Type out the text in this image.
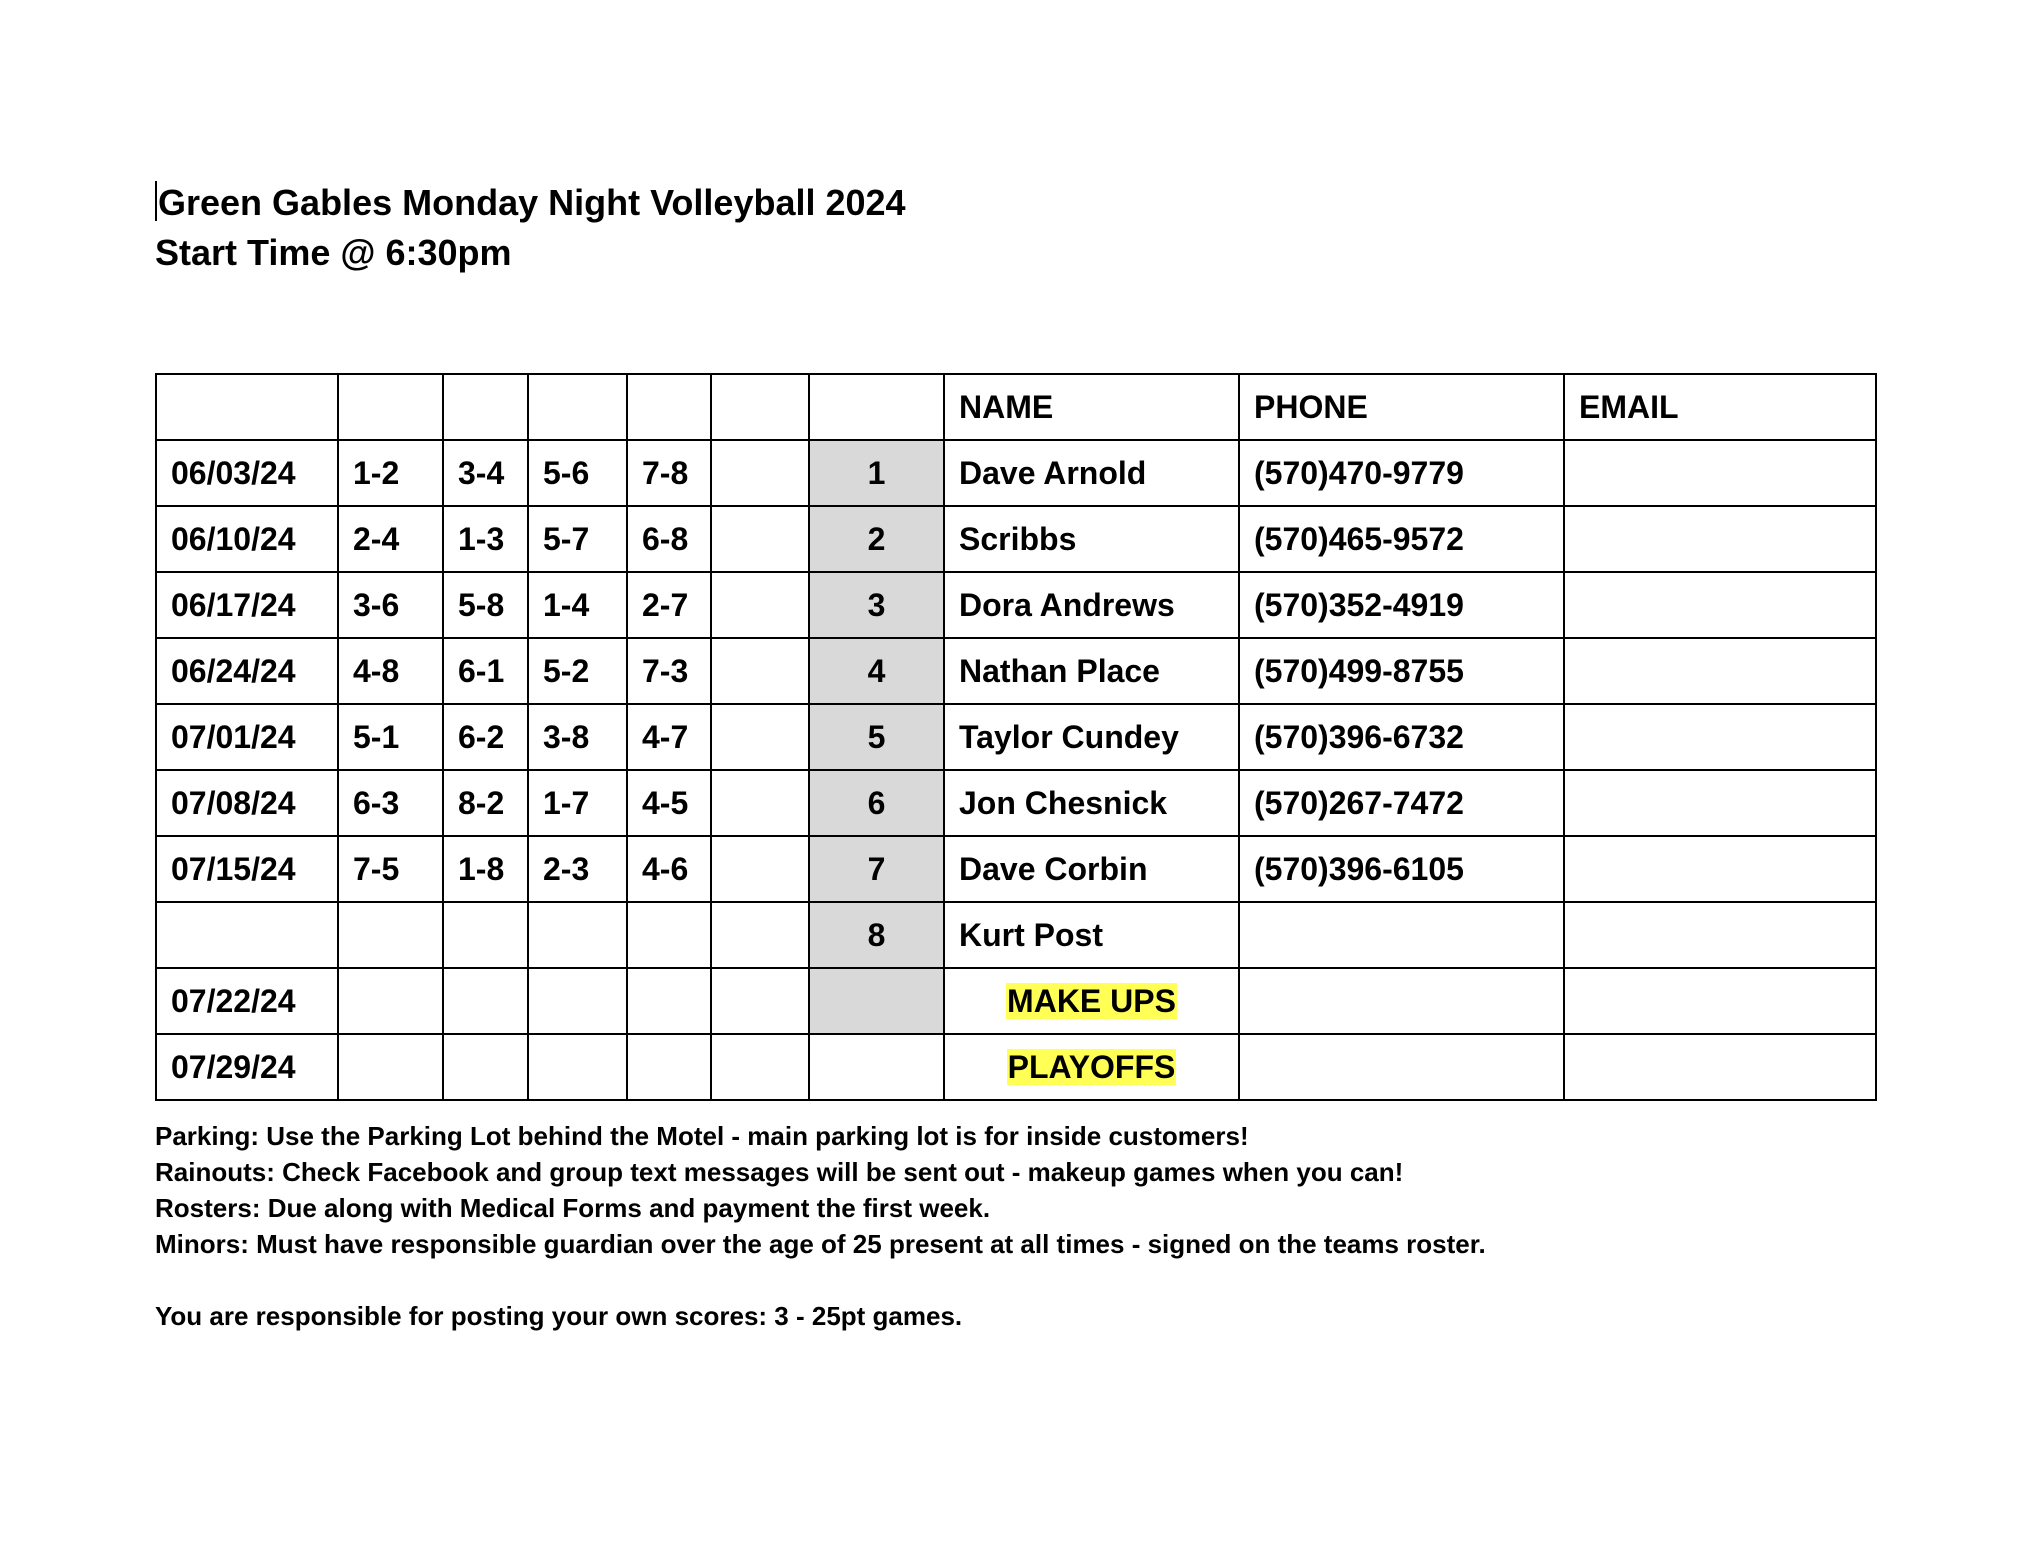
Green Gables Monday Night Volleyball 2024
Start Time @ 6:30pm
							NAME	PHONE	EMAIL
06/03/24	1-2	3-4	5-6	7-8		1	Dave Arnold	(570)470-9779	
06/10/24	2-4	1-3	5-7	6-8		2	Scribbs	(570)465-9572	
06/17/24	3-6	5-8	1-4	2-7		3	Dora Andrews	(570)352-4919	
06/24/24	4-8	6-1	5-2	7-3		4	Nathan Place	(570)499-8755	
07/01/24	5-1	6-2	3-8	4-7		5	Taylor Cundey	(570)396-6732	
07/08/24	6-3	8-2	1-7	4-5		6	Jon Chesnick	(570)267-7472	
07/15/24	7-5	1-8	2-3	4-6		7	Dave Corbin	(570)396-6105	
						8	Kurt Post		
07/22/24							MAKE UPS		
07/29/24							PLAYOFFS		
Parking: Use the Parking Lot behind the Motel - main parking lot is for inside customers!
Rainouts: Check Facebook and group text messages will be sent out - makeup games when you can!
Rosters: Due along with Medical Forms and payment the first week.
Minors: Must have responsible guardian over the age of 25 present at all times - signed on the teams roster.
You are responsible for posting your own scores: 3 - 25pt games.
